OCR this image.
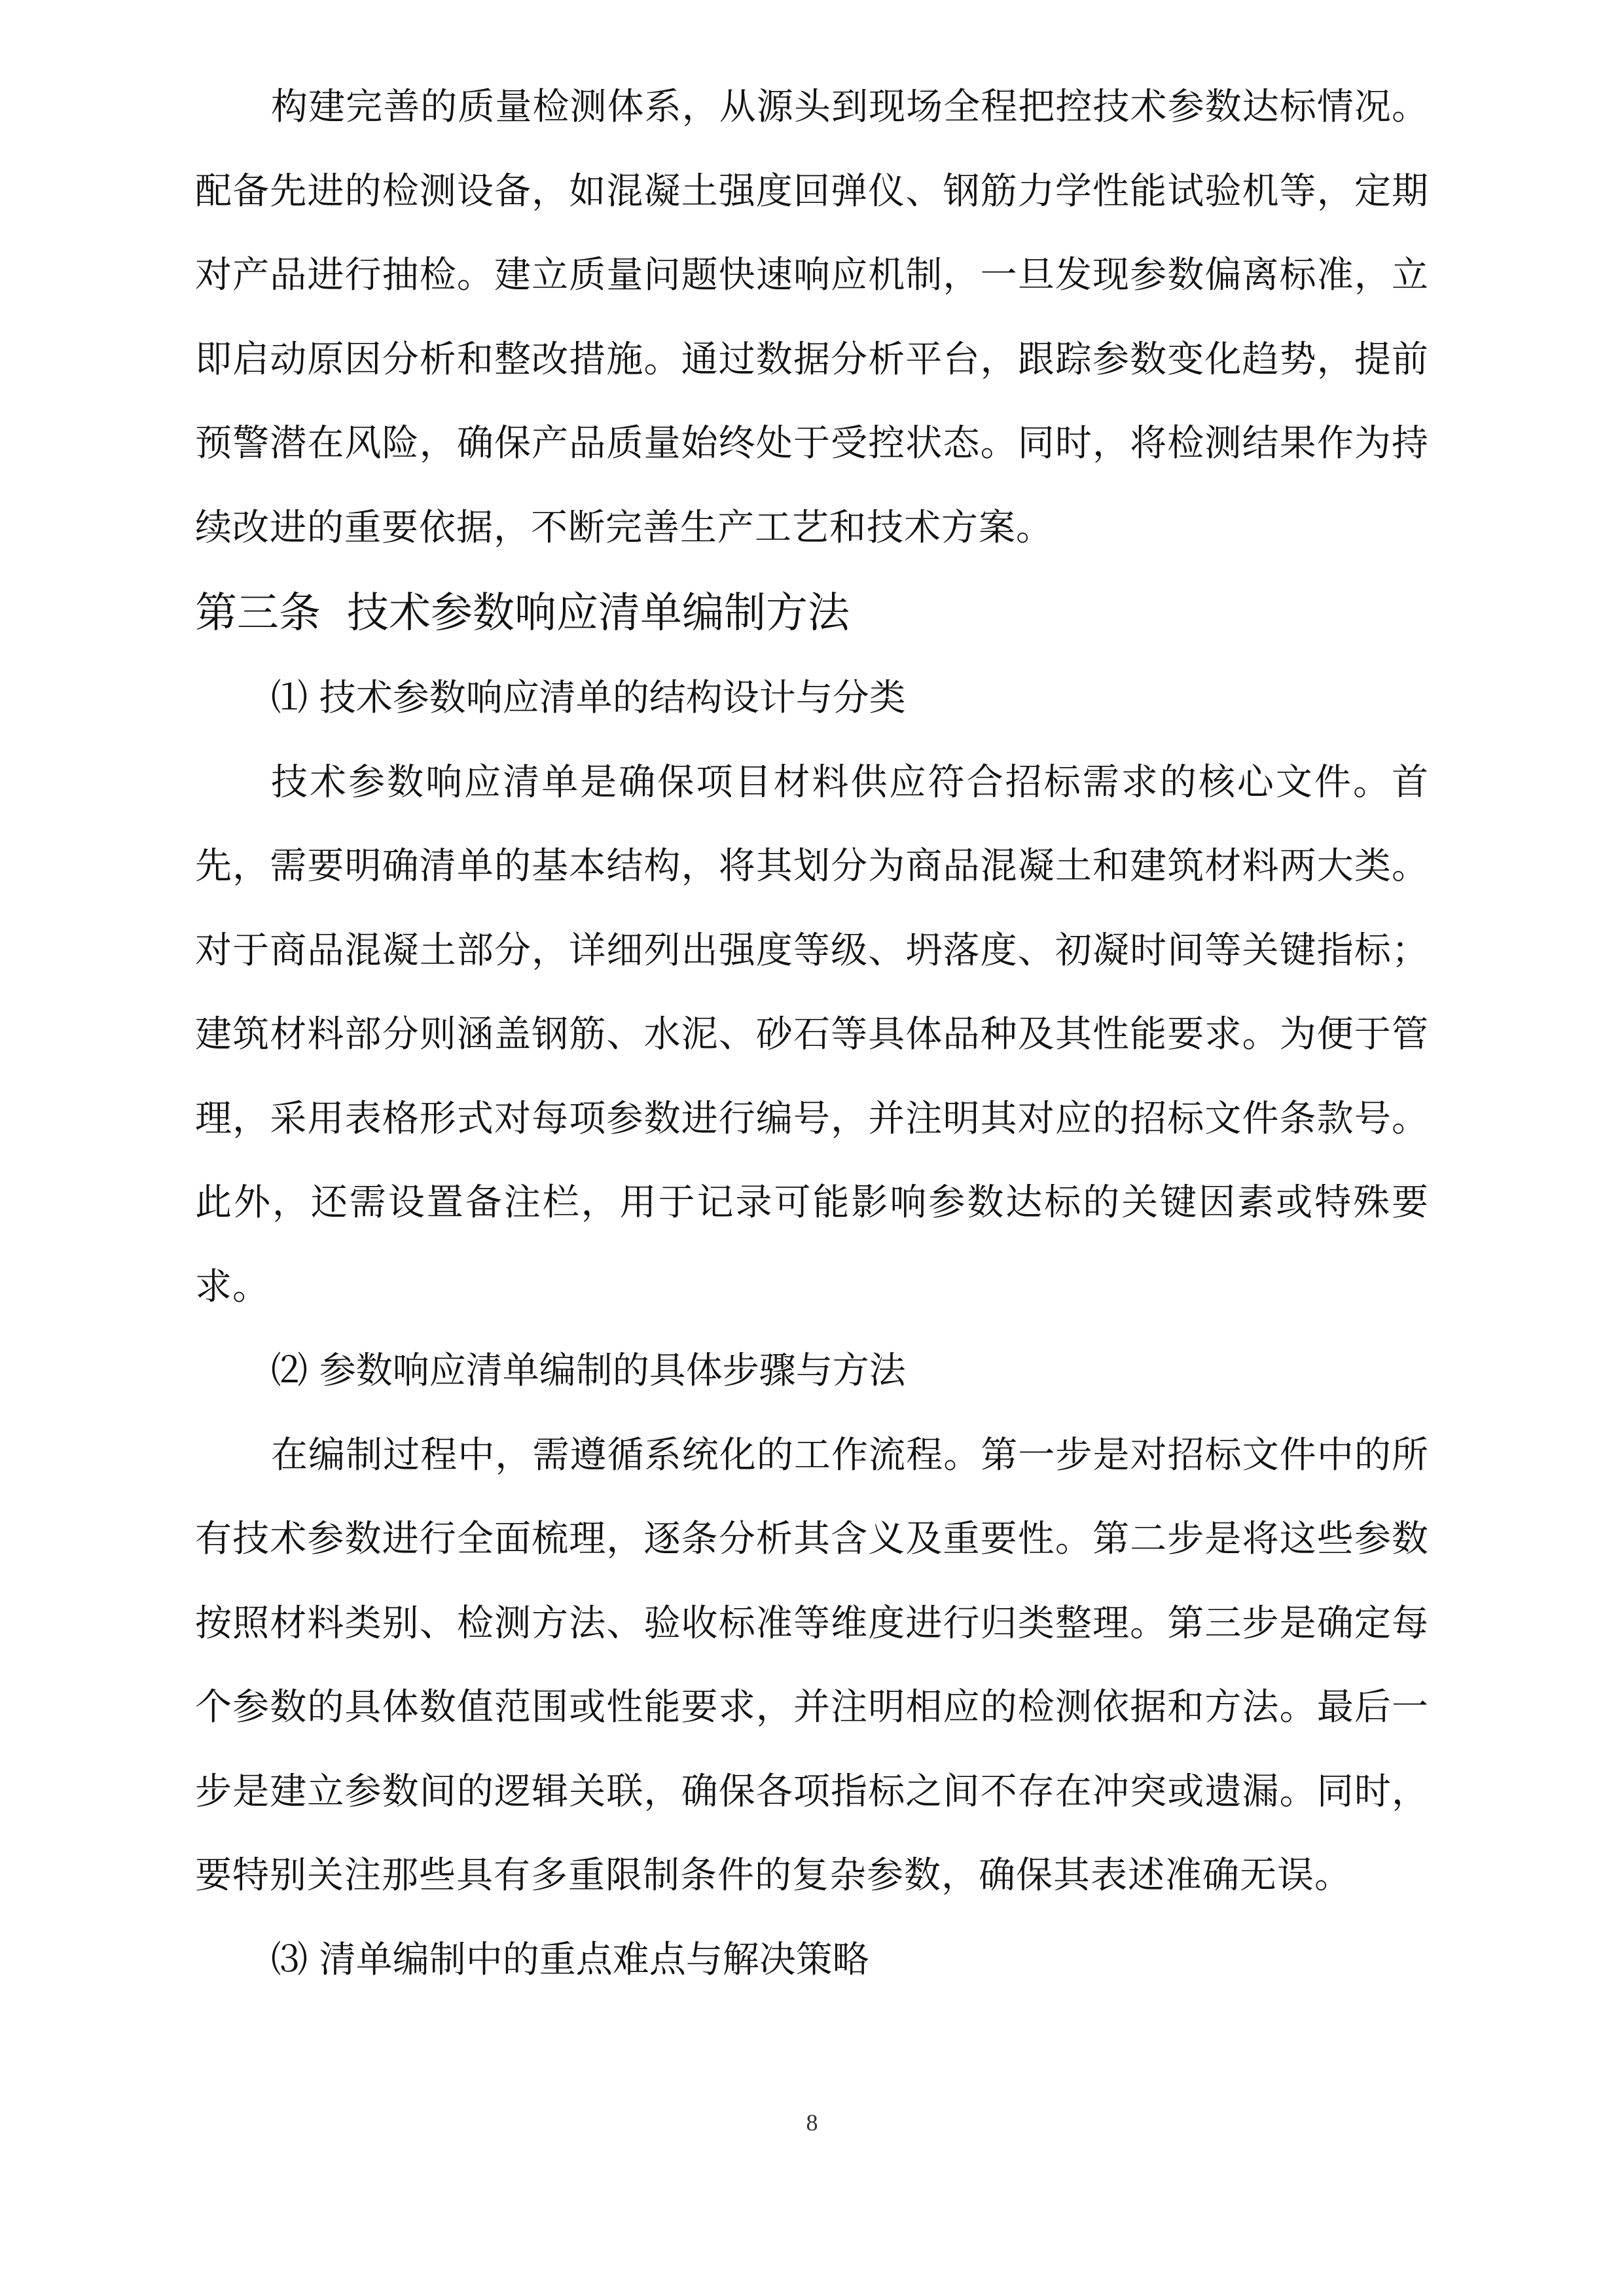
构建完善的质量检测体系，从源头到现场全程把控技术参数达标情况。配备先进的检测设备，如混凝土强度回弹仪、钢筋力学性能试验机等，定期对产品进行抽检。建立质量问题快速响应机制，一旦发现参数偏离标准，立即启动原因分析和整改措施。通过数据分析平台，跟踪参数变化趋势，提前预警潜在风险，确保产品质量始终处于受控状态。同时，将检测结果作为持续改进的重要依据，不断完善生产工艺和技术方案。

第三条 技术参数响应清单编制方法

⑴ 技术参数响应清单的结构设计与分类

技术参数响应清单是确保项目材料供应符合招标需求的核心文件。首先，需要明确清单的基本结构，将其划分为商品混凝土和建筑材料两大类。对于商品混凝土部分，详细列出强度等级、坍落度、初凝时间等关键指标；建筑材料部分则涵盖钢筋、水泥、砂石等具体品种及其性能要求。为便于管理，采用表格形式对每项参数进行编号，并注明其对应的招标文件条款号。此外，还需设置备注栏，用于记录可能影响参数达标的关键因素或特殊要求。

⑵ 参数响应清单编制的具体步骤与方法

在编制过程中，需遵循系统化的工作流程。第一步是对招标文件中的所有技术参数进行全面梳理，逐条分析其含义及重要性。第二步是将这些参数按照材料类别、检测方法、验收标准等维度进行归类整理。第三步是确定每个参数的具体数值范围或性能要求，并注明相应的检测依据和方法。最后一步是建立参数间的逻辑关联，确保各项指标之间不存在冲突或遗漏。同时，要特别关注那些具有多重限制条件的复杂参数，确保其表述准确无误。

⑶ 清单编制中的重点难点与解决策略

8
